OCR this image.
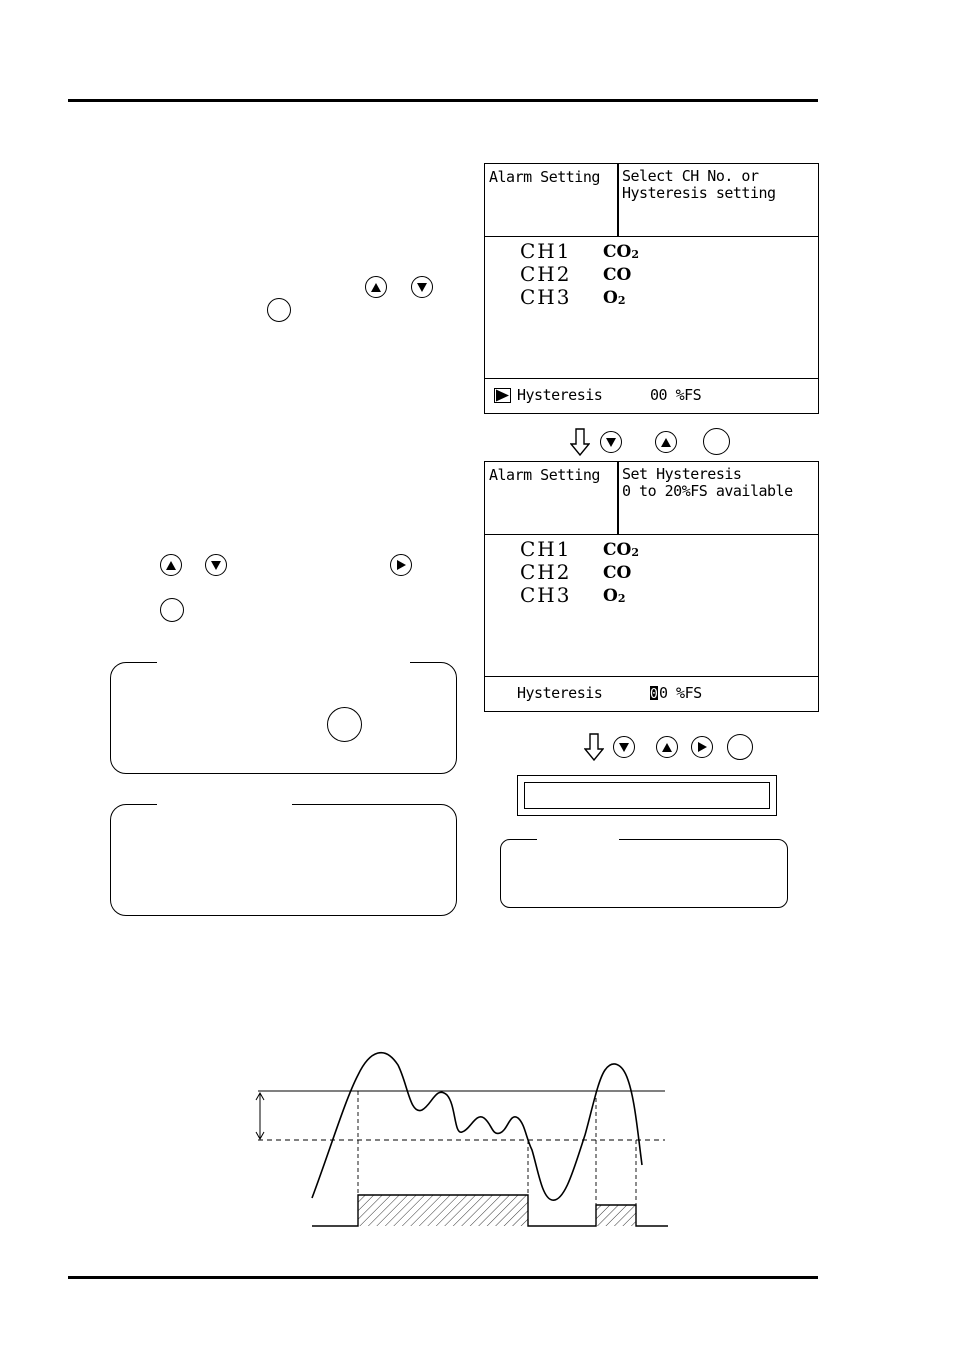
Alarm Setting Select CH No. or
Hysteresis setting
CH1 $CO_2$
CH2 CO
CH3 $O_2$
Hysteresis	00 %FS
Alarm Setting Set Hysteresis
0 to 20%FS available
CH1 $CO_2$
CH2 CO
CH3 $O_2$
Hysteresis	0 0 %FS
